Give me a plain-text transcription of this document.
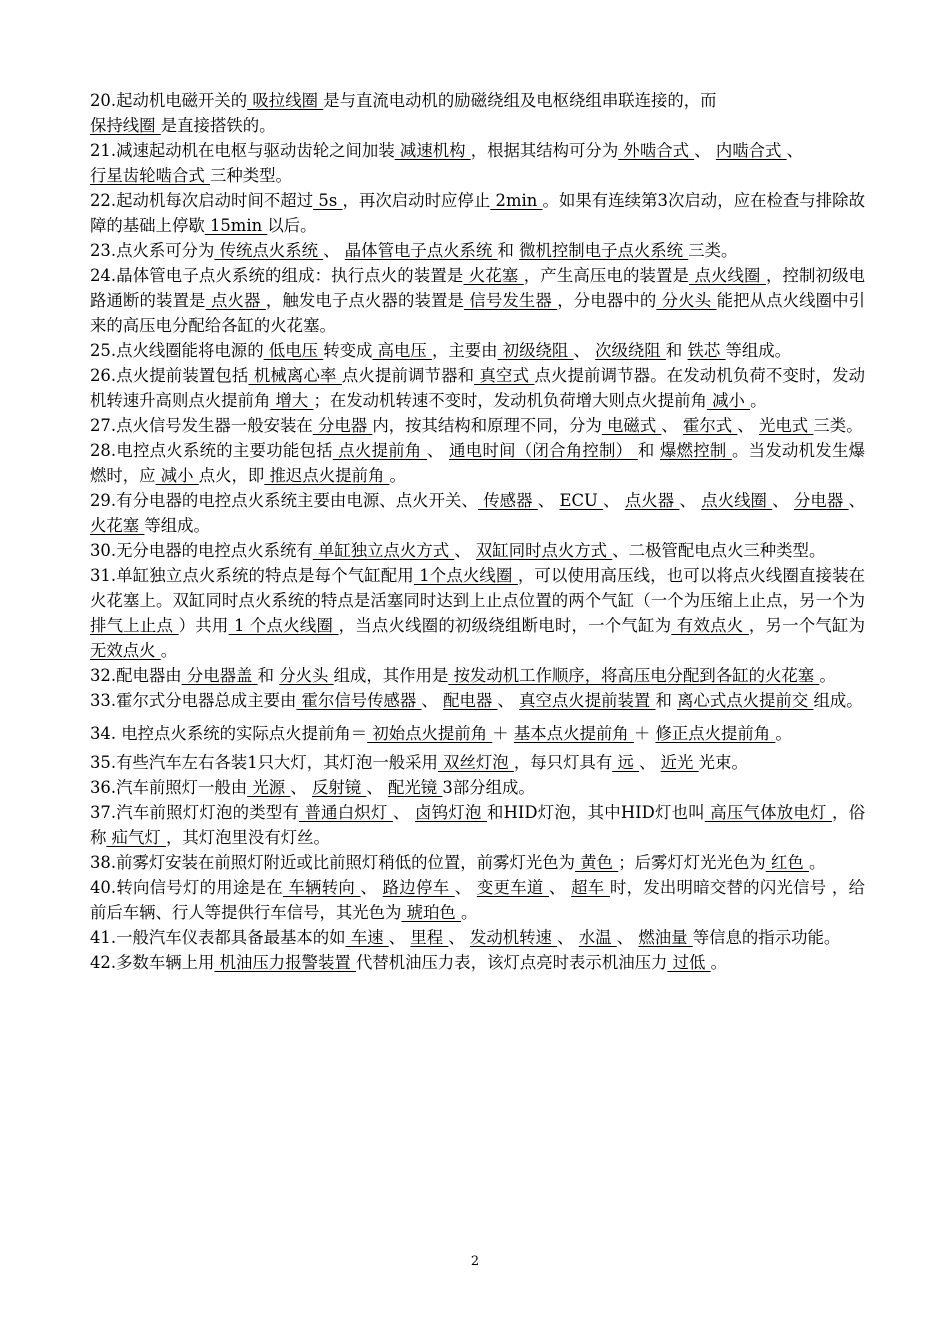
20.起动机电磁开关的 吸拉线圈 是与直流电动机的励磁绕组及电枢绕组串联连接的，而
保持线圈 是直接搭铁的。

21.减速起动机在电枢与驱动齿轮之间加装 减速机构 ，根据其结构可分为 外啮合式 、 内啮合式 、
行星齿轮啮合式 三种类型。

22.起动机每次启动时间不超过 5s ，再次启动时应停止 2min 。如果有连续第3次启动，应在检查与排除故障的基础上停歇 15min 以后。

23.点火系可分为 传统点火系统 、 晶体管电子点火系统 和 微机控制电子点火系统 三类。

24.晶体管电子点火系统的组成：执行点火的装置是 火花塞 ，产生高压电的装置是 点火线圈 ，控制初级电路通断的装置是 点火器 ，触发电子点火器的装置是 信号发生器 ，分电器中的 分火头 能把从点火线圈中引来的高压电分配给各缸的火花塞。

25.点火线圈能将电源的 低电压 转变成 高电压 ，主要由 初级绕阻 、 次级绕阻 和 铁芯 等组成。

26.点火提前装置包括 机械离心率 点火提前调节器和 真空式 点火提前调节器。在发动机负荷不变时，发动机转速升高则点火提前角 增大 ；在发动机转速不变时，发动机负荷增大则点火提前角 减小 。

27.点火信号发生器一般安装在 分电器 内，按其结构和原理不同，分为 电磁式 、 霍尔式 、 光电式 三类。

28.电控点火系统的主要功能包括 点火提前角 、 通电时间（闭合角控制） 和 爆燃控制 。当发动机发生爆燃时，应 减小 点火，即 推迟点火提前角 。

29.有分电器的电控点火系统主要由电源、点火开关、 传感器 、 ECU 、 点火器 、 点火线圈 、 分电器 、 火花塞 等组成。

30.无分电器的电控点火系统有 单缸独立点火方式 、 双缸同时点火方式 、二极管配电点火三种类型。

31.单缸独立点火系统的特点是每个气缸配用 1个点火线圈 ，可以使用高压线，也可以将点火线圈直接装在火花塞上。双缸同时点火系统的特点是活塞同时达到上止点位置的两个气缸（一个为压缩上止点，另一个为 排气上止点 ）共用 1 个点火线圈 ，当点火线圈的初级绕组断电时，一个气缸为 有效点火 ，另一个气缸为 无效点火 。

32.配电器由 分电器盖 和 分火头 组成，其作用是 按发动机工作顺序，将高压电分配到各缸的火花塞 。

33.霍尔式分电器总成主要由 霍尔信号传感器 、 配电器 、 真空点火提前装置 和 离心式点火提前交 组成。

34. 电控点火系统的实际点火提前角＝ 初始点火提前角 ＋ 基本点火提前角 ＋ 修正点火提前角 。

35.有些汽车左右各装1只大灯，其灯泡一般采用 双丝灯泡 ，每只灯具有 远 、 近光 光束。

36.汽车前照灯一般由 光源 、 反射镜 、 配光镜 3部分组成。

37.汽车前照灯灯泡的类型有 普通白炽灯 、 卤钨灯泡 和HID灯泡，其中HID灯也叫 高压气体放电灯 ，俗称 疝气灯 ，其灯泡里没有灯丝。

38.前雾灯安装在前照灯附近或比前照灯稍低的位置，前雾灯光色为 黄色 ；后雾灯灯光光色为 红色 。

40.转向信号灯的用途是在 车辆转向 、 路边停车 、 变更车道 、 超车 时，发出明暗交替的闪光信号 ，给前后车辆、行人等提供行车信号，其光色为 琥珀色 。

41.一般汽车仪表都具备最基本的如 车速 、 里程 、 发动机转速 、 水温 、 燃油量 等信息的指示功能。

42.多数车辆上用 机油压力报警装置 代替机油压力表，该灯点亮时表示机油压力 过低 。

2
